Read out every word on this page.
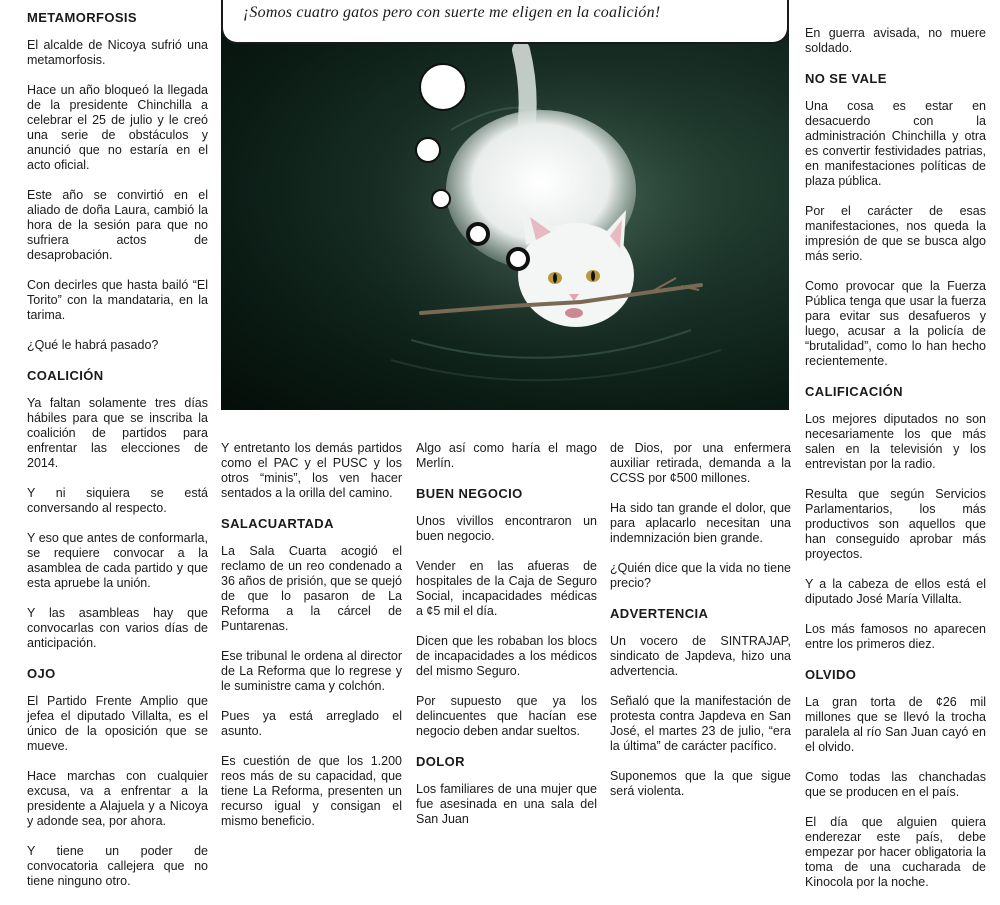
¡Somos cuatro gatos pero con suerte me eligen en la coalición!
METAMORFOSIS

El alcalde de Nicoya sufrió una metamorfosis.

Hace un año bloqueó la llegada de la presidente Chinchilla a celebrar el 25 de julio y le creó una serie de obstáculos y anunció que no estaría en el acto oficial.

Este año se convirtió en el aliado de doña Laura, cambió la hora de la sesión para que no sufriera actos de desaprobación.

Con decirles que hasta bailó “El Torito” con la mandataria, en la tarima.

¿Qué le habrá pasado?

COALICIÓN

Ya faltan solamente tres días hábiles para que se inscriba la coalición de partidos para enfrentar las elecciones de 2014.

Y ni siquiera se está conversando al respecto.

Y eso que antes de conformarla, se requiere convocar a la asamblea de cada partido y que esta apruebe la unión.

Y las asambleas hay que convocarlas con varios días de anticipación.

OJO

El Partido Frente Amplio que jefea el diputado Villalta, es el único de la oposición que se mueve.

Hace marchas con cualquier excusa, va a enfrentar a la presidente a Alajuela y a Nicoya y adonde sea, por ahora.

Y tiene un poder de convocatoria callejera que no tiene ninguno otro.

Y entretanto los demás partidos como el PAC y el PUSC y los otros “minis”, los ven hacer sentados a la orilla del camino.

SALACUARTADA

La Sala Cuarta acogió el reclamo de un reo condenado a 36 años de prisión, que se quejó de que lo pasaron de La Reforma a la cárcel de Puntarenas.

Ese tribunal le ordena al director de La Reforma que lo regrese y le suministre cama y colchón.

Pues ya está arreglado el asunto.

Es cuestión de que los 1.200 reos más de su capacidad, que tiene La Reforma, presenten un recurso igual y consigan el mismo beneficio.

Algo así como haría el mago Merlín.

BUEN NEGOCIO

Unos vivillos encontraron un buen negocio.

Vender en las afueras de hospitales de la Caja de Seguro Social, incapacidades médicas a ¢5 mil el día.

Dicen que les robaban los blocs de incapacidades a los médicos del mismo Seguro.

Por supuesto que ya los delincuentes que hacían ese negocio deben andar sueltos.

DOLOR

Los familiares de una mujer que fue asesinada en una sala del San Juan

de Dios, por una enfermera auxiliar retirada, demanda a la CCSS por ¢500 millones.

Ha sido tan grande el dolor, que para aplacarlo necesitan una indemnización bien grande.

¿Quién dice que la vida no tiene precio?

ADVERTENCIA

Un vocero de SINTRAJAP, sindicato de Japdeva, hizo una advertencia.

Señaló que la manifestación de protesta contra Japdeva en San José, el martes 23 de julio, “era la última” de carácter pacífico.

Suponemos que la que sigue será violenta.

En guerra avisada, no muere soldado.

NO SE VALE

Una cosa es estar en desacuerdo con la administración Chinchilla y otra es convertir festividades patrias, en manifestaciones políticas de plaza pública.

Por el carácter de esas manifestaciones, nos queda la impresión de que se busca algo más serio.

Como provocar que la Fuerza Pública tenga que usar la fuerza para evitar sus desafueros y luego, acusar a la policía de “brutalidad”, como lo han hecho recientemente.

CALIFICACIÓN

Los mejores diputados no son necesariamente los que más salen en la televisión y los entrevistan por la radio.

Resulta que según Servicios Parlamentarios, los más productivos son aquellos que han conseguido aprobar más proyectos.

Y a la cabeza de ellos está el diputado José María Villalta.

Los más famosos no aparecen entre los primeros diez.

OLVIDO

La gran torta de ¢26 mil millones que se llevó la trocha paralela al río San Juan cayó en el olvido.

Como todas las chanchadas que se producen en el país.

El día que alguien quiera enderezar este país, debe empezar por hacer obligatoria la toma de una cucharada de Kinocola por la noche.
